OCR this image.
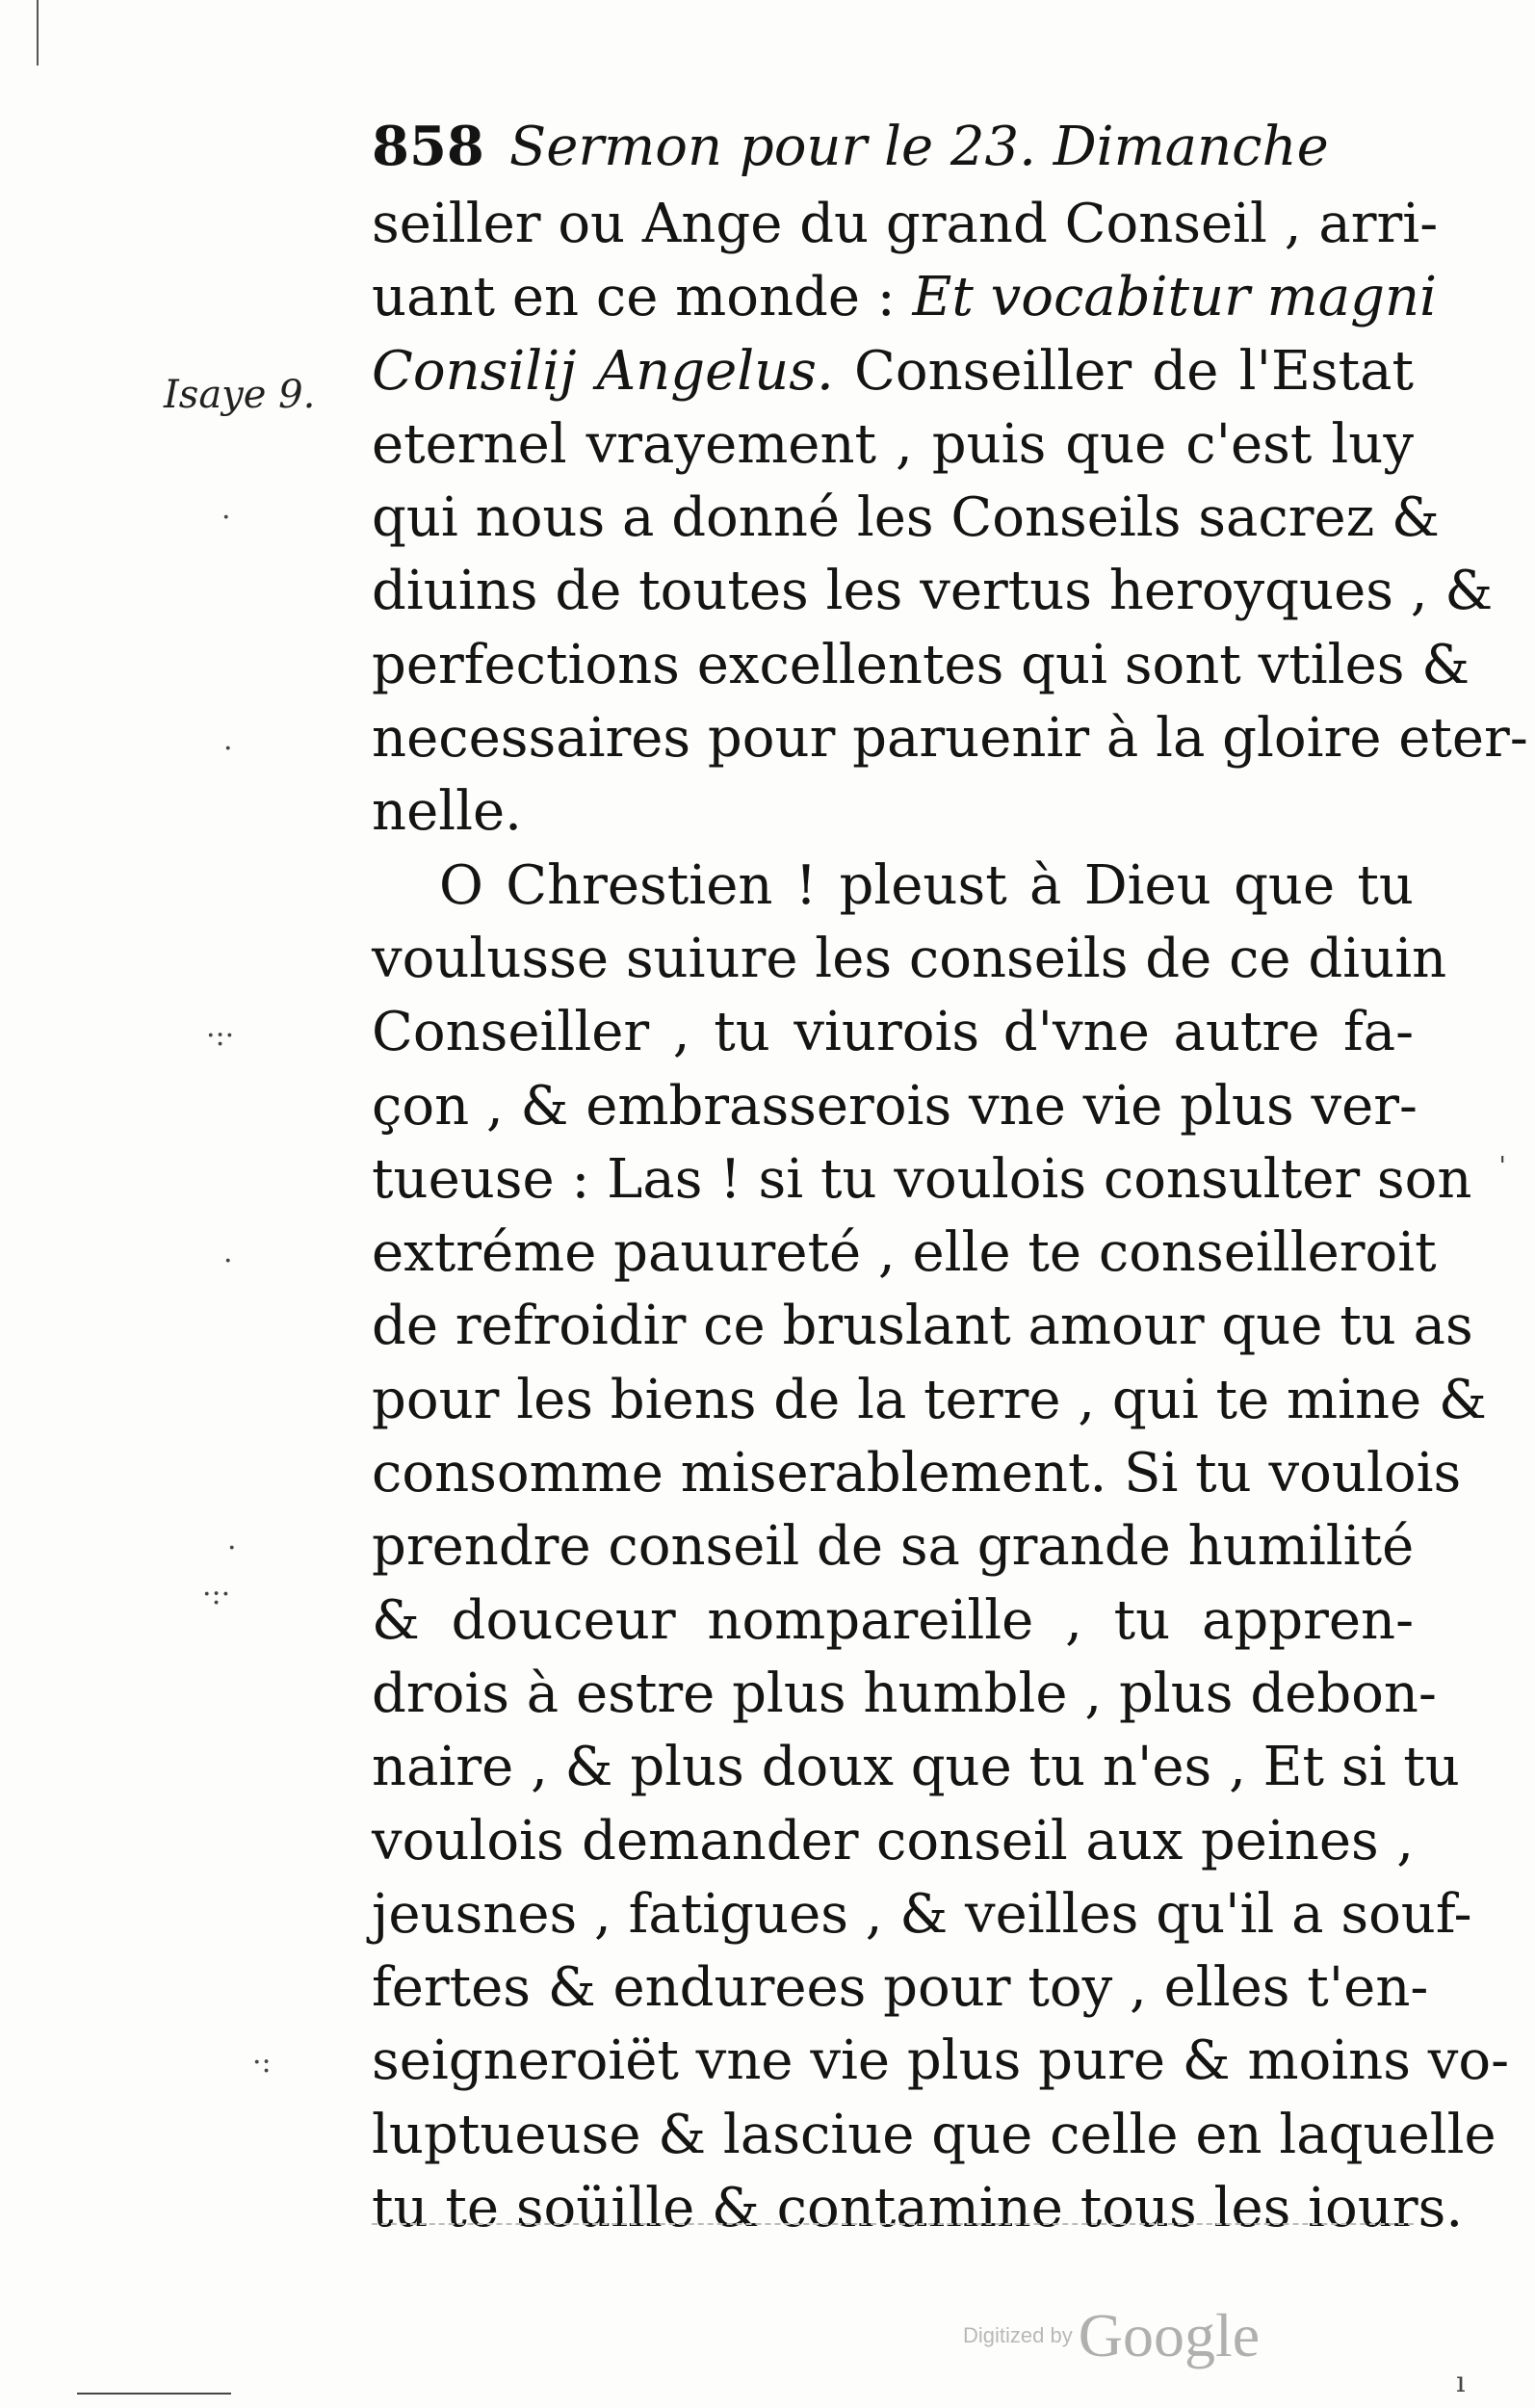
858 Sermon pour le 23. Dimanche
Isaye 9.
seiller ou Ange du grand Conseil , arri-
uant en ce monde : Et vocabitur magni
Consilij Angelus. Conseiller de l'Estat
eternel vrayement , puis que c'est luy
qui nous a donné les Conseils sacrez &
diuins de toutes les vertus heroyques , &
perfections excellentes qui sont vtiles &
necessaires pour paruenir à la gloire eter-
nelle.
O Chrestien ! pleust à Dieu que tu
voulusse suiure les conseils de ce diuin
Conseiller , tu viurois d'vne autre fa-
çon , & embrasserois vne vie plus ver-
tueuse : Las ! si tu voulois consulter son
extréme pauureté , elle te conseilleroit
de refroidir ce bruslant amour que tu as
pour les biens de la terre , qui te mine &
consomme miserablement. Si tu voulois
prendre conseil de sa grande humilité
& douceur nompareille , tu appren-
drois à estre plus humble , plus debon-
naire , & plus doux que tu n'es , Et si tu
voulois demander conseil aux peines ,
jeusnes , fatigues , & veilles qu'il a souf-
fertes & endurees pour toy , elles t'en-
seigneroiët vne vie plus pure & moins vo-
luptueuse & lasciue que celle en laquelle
tu te soüille & contamine tous les iours.
·
·
·:·
·
·:·
·
·:
ˈ
ı
Digitized byGoogle
